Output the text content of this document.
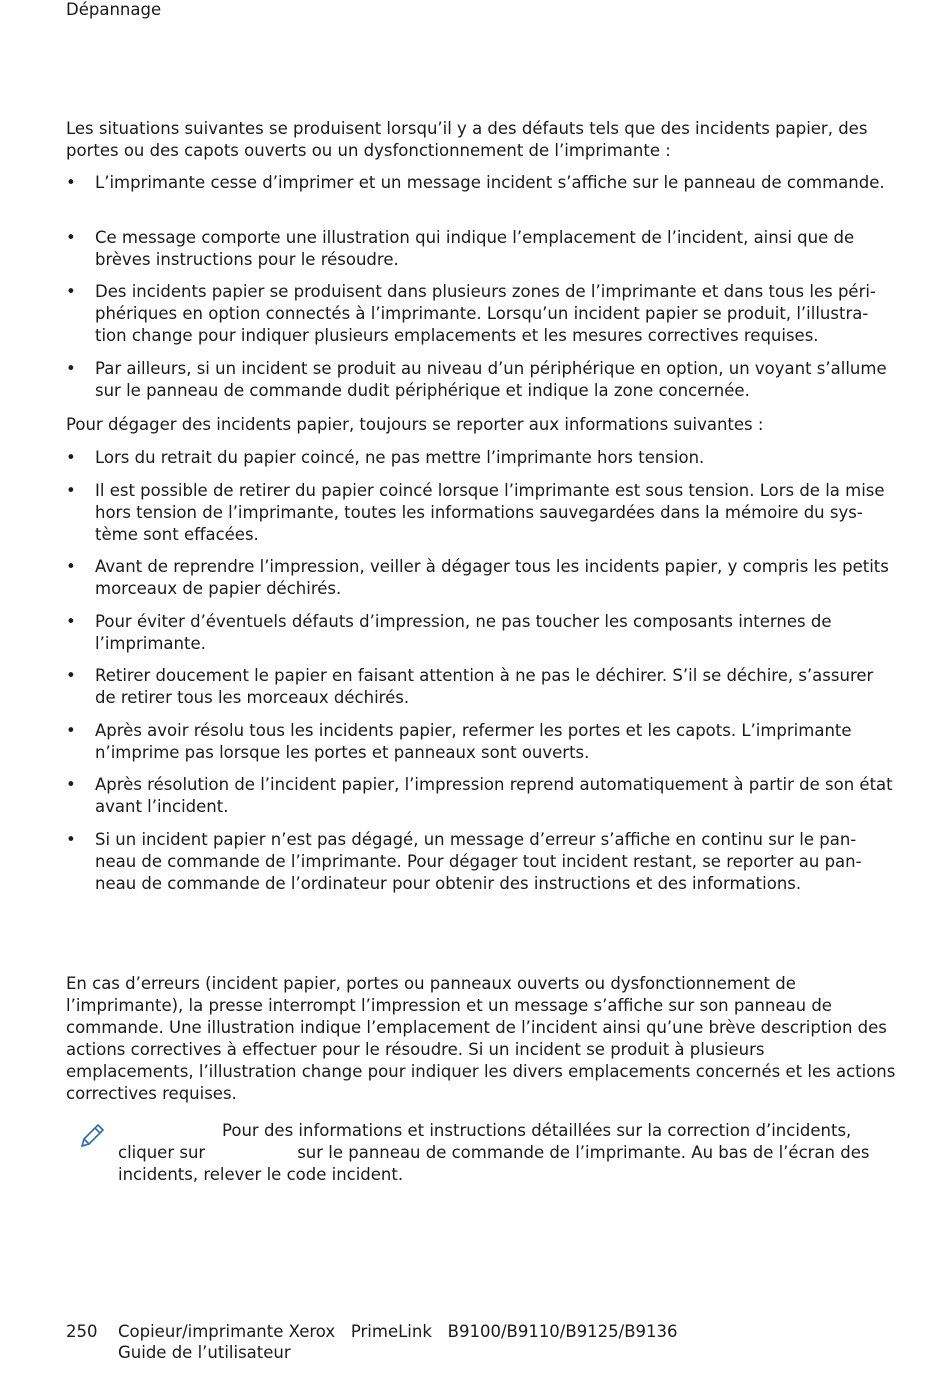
Dépannage

Les situations suivantes se produisent lorsqu’il y a des défauts tels que des incidents papier, des portes ou des capots ouverts ou un dysfonctionnement de l’imprimante :

•	L’imprimante cesse d’imprimer et un message incident s’affiche sur le panneau de commande.
•	Ce message comporte une illustration qui indique l’emplacement de l’incident, ainsi que de brèves instructions pour le résoudre.
•	Des incidents papier se produisent dans plusieurs zones de l’imprimante et dans tous les péri-phériques en option connectés à l’imprimante. Lorsqu’un incident papier se produit, l’illustra-tion change pour indiquer plusieurs emplacements et les mesures correctives requises.
•	Par ailleurs, si un incident se produit au niveau d’un périphérique en option, un voyant s’allume sur le panneau de commande dudit périphérique et indique la zone concernée.

Pour dégager des incidents papier, toujours se reporter aux informations suivantes :

•	Lors du retrait du papier coincé, ne pas mettre l’imprimante hors tension.
•	Il est possible de retirer du papier coincé lorsque l’imprimante est sous tension. Lors de la mise hors tension de l’imprimante, toutes les informations sauvegardées dans la mémoire du sys-tème sont effacées.
•	Avant de reprendre l’impression, veiller à dégager tous les incidents papier, y compris les petits morceaux de papier déchirés.
•	Pour éviter d’éventuels défauts d’impression, ne pas toucher les composants internes de l’imprimante.
•	Retirer doucement le papier en faisant attention à ne pas le déchirer. S’il se déchire, s’assurer de retirer tous les morceaux déchirés.
•	Après avoir résolu tous les incidents papier, refermer les portes et les capots. L’imprimante n’imprime pas lorsque les portes et panneaux sont ouverts.
•	Après résolution de l’incident papier, l’impression reprend automatiquement à partir de son état avant l’incident.
•	Si un incident papier n’est pas dégagé, un message d’erreur s’affiche en continu sur le pan-neau de commande de l’imprimante. Pour dégager tout incident restant, se reporter au pan-neau de commande de l’ordinateur pour obtenir des instructions et des informations.

En cas d’erreurs (incident papier, portes ou panneaux ouverts ou dysfonctionnement de l’imprimante), la presse interrompt l’impression et un message s’affiche sur son panneau de commande. Une illustration indique l’emplacement de l’incident ainsi qu’une brève description des actions correctives à effectuer pour le résoudre. Si un incident se produit à plusieurs emplacements, l’illustration change pour indiquer les divers emplacements concernés et les actions correctives requises.

Pour des informations et instructions détaillées sur la correction d’incidents,
cliquer sur	sur le panneau de commande de l’imprimante. Au bas de l’écran des
incidents, relever le code incident.
250 Copieur/imprimante Xerox   PrimeLink   B9100/B9110/B9125/B9136
Guide de l’utilisateur
